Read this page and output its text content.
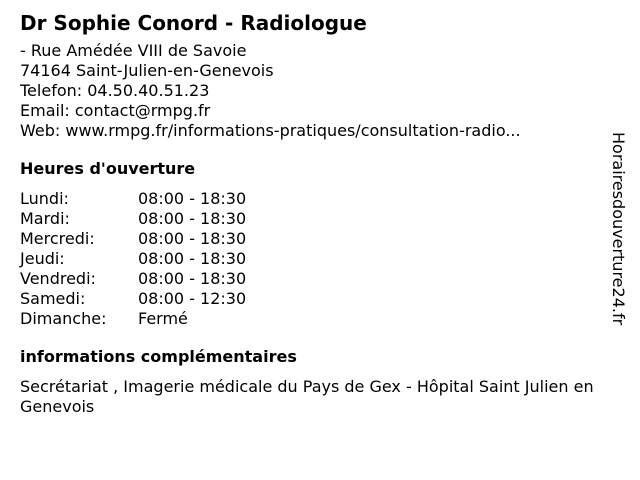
Dr Sophie Conord - Radiologue
- Rue Amédée VIII de Savoie
74164 Saint-Julien-en-Genevois
Telefon: 04.50.40.51.23
Email: contact@rmpg.fr
Web: www.rmpg.fr/informations-pratiques/consultation-radio...
Heures d'ouverture
Lundi:	08:00 - 18:30
Mardi:	08:00 - 18:30
Mercredi:	08:00 - 18:30
Jeudi:	08:00 - 18:30
Vendredi:	08:00 - 18:30
Samedi:	08:00 - 12:30
Dimanche:	Fermé
informations complémentaires
Secrétariat , Imagerie médicale du Pays de Gex - Hôpital Saint Julien en Genevois
Horairesdouverture24.fr
